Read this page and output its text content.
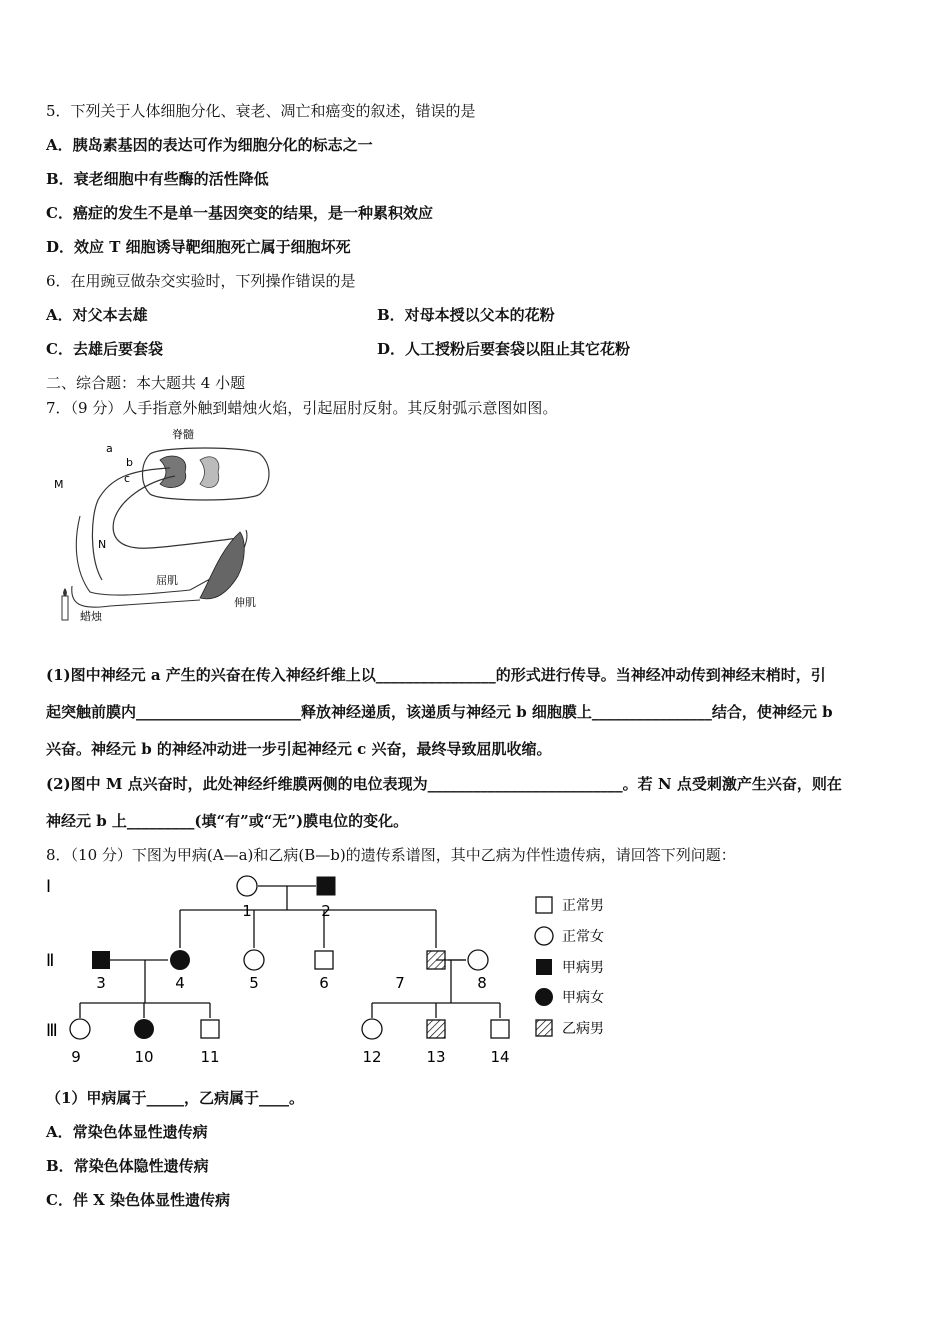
5．下列关于人体细胞分化、衰老、凋亡和癌变的叙述，错误的是
A．胰岛素基因的表达可作为细胞分化的标志之一
B．衰老细胞中有些酶的活性降低
C．癌症的发生不是单一基因突变的结果，是一种累积效应
D．效应 T 细胞诱导靶细胞死亡属于细胞坏死
6．在用豌豆做杂交实验时，下列操作错误的是
A．对父本去雄	B．对母本授以父本的花粉
C．去雄后要套袋	D．人工授粉后要套袋以阻止其它花粉
二、综合题：本大题共 4 小题
7．（9 分）人手指意外触到蜡烛火焰，引起屈肘反射。其反射弧示意图如图。
脊髓
a
b
c
M
N
屈肌
伸肌
蜡烛
(1)图中神经元 a 产生的兴奋在传入神经纤维上以________________的形式进行传导。当神经冲动传到神经末梢时，引
起突触前膜内______________________释放神经递质，该递质与神经元 b 细胞膜上________________结合，使神经元 b
兴奋。神经元 b 的神经冲动进一步引起神经元 c 兴奋，最终导致屈肌收缩。
(2)图中 M 点兴奋时，此处神经纤维膜两侧的电位表现为__________________________。若 N 点受刺激产生兴奋，则在
神经元 b 上_________(填“有”或“无”)膜电位的变化。
8．（10 分）下图为甲病(A—a)和乙病(B—b)的遗传系谱图，其中乙病为伴性遗传病，请回答下列问题：
Ⅰ
Ⅱ
Ⅲ
1	2
3	4	5	6	7	8
9	10	11	12	13	14
正常男
正常女
甲病男
甲病女
乙病男
（1）甲病属于_____，乙病属于____。
A．常染色体显性遗传病
B．常染色体隐性遗传病
C．伴 X 染色体显性遗传病
